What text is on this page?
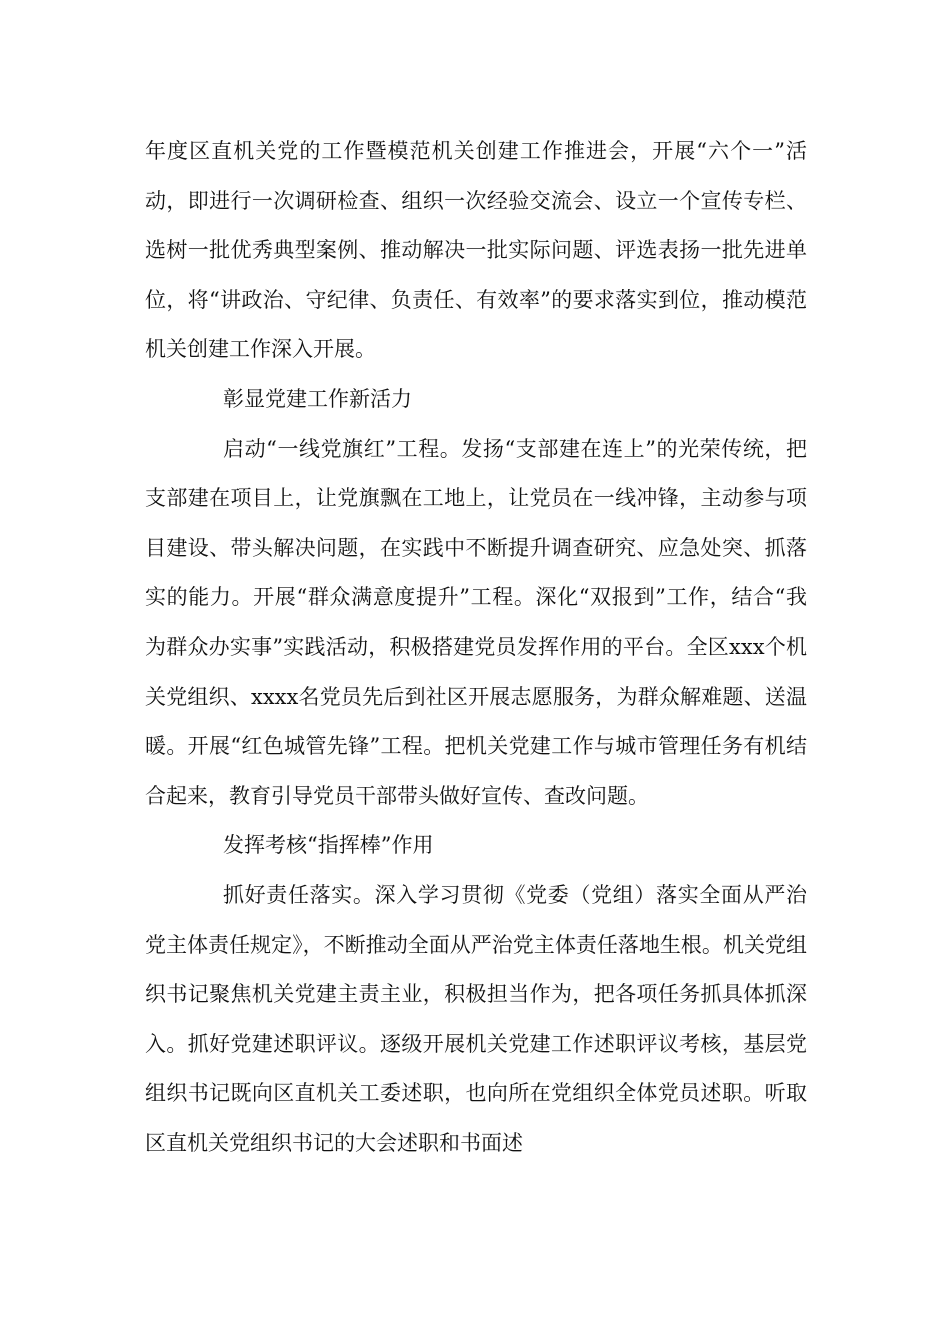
年度区直机关党的工作暨模范机关创建工作推进会，开展“六个一”活动，即进行一次调研检查、组织一次经验交流会、设立一个宣传专栏、选树一批优秀典型案例、推动解决一批实际问题、评选表扬一批先进单位，将“讲政治、守纪律、负责任、有效率”的要求落实到位，推动模范机关创建工作深入开展。

彰显党建工作新活力

启动“一线党旗红”工程。发扬“支部建在连上”的光荣传统，把支部建在项目上，让党旗飘在工地上，让党员在一线冲锋，主动参与项目建设、带头解决问题，在实践中不断提升调查研究、应急处突、抓落实的能力。开展“群众满意度提升”工程。深化“双报到”工作，结合“我为群众办实事”实践活动，积极搭建党员发挥作用的平台。全区xxx个机关党组织、xxxx名党员先后到社区开展志愿服务，为群众解难题、送温暖。开展“红色城管先锋”工程。把机关党建工作与城市管理任务有机结合起来，教育引导党员干部带头做好宣传、查改问题。

发挥考核“指挥棒”作用

抓好责任落实。深入学习贯彻《党委（党组）落实全面从严治党主体责任规定》，不断推动全面从严治党主体责任落地生根。机关党组织书记聚焦机关党建主责主业，积极担当作为，把各项任务抓具体抓深入。抓好党建述职评议。逐级开展机关党建工作述职评议考核，基层党组织书记既向区直机关工委述职，也向所在党组织全体党员述职。听取区直机关党组织书记的大会述职和书面述
